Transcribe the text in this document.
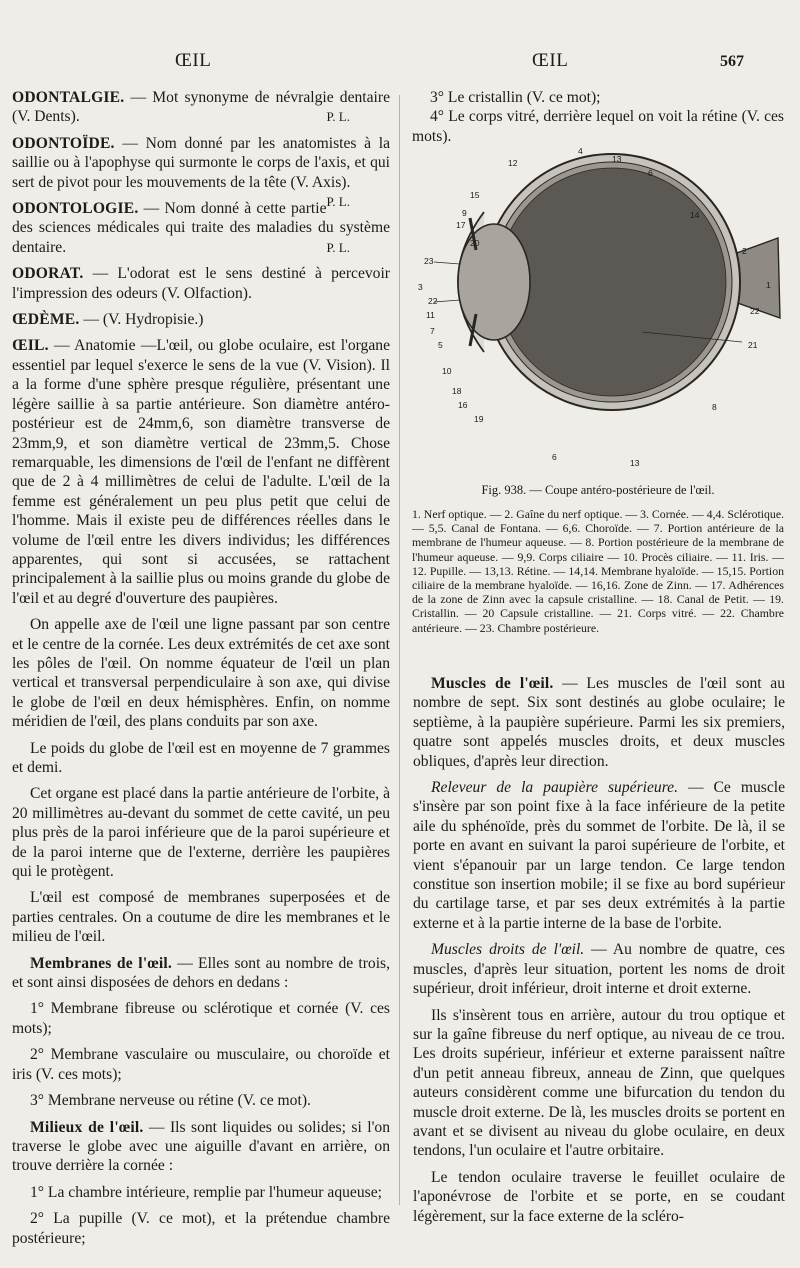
ŒIL	ŒIL	567

ODONTALGIE. — Mot synonyme de névralgie dentaire (V. Dents).	P. L.

ODONTOÏDE. — Nom donné par les anatomistes à la saillie ou à l'apophyse qui surmonte le corps de l'axis, et qui sert de pivot pour les mouvements de la tête (V. Axis).
P. L.

ODONTOLOGIE. — Nom donné à cette partie des sciences médicales qui traite des maladies du système dentaire.	P. L.

ODORAT. — L'odorat est le sens destiné à percevoir l'impression des odeurs (V. Olfaction).

ŒDÈME. — (V. Hydropisie.)

ŒIL. — Anatomie —L'œil, ou globe oculaire, est l'organe essentiel par lequel s'exerce le sens de la vue (V. Vision). Il a la forme d'une sphère presque régulière, présentant une légère saillie à sa partie antérieure. Son diamètre antéro-postérieur est de 24mm,6, son diamètre transverse de 23mm,9, et son diamètre vertical de 23mm,5. Chose remarquable, les dimensions de l'œil de l'enfant ne diffèrent que de 2 à 4 millimètres de celui de l'adulte. L'œil de la femme est généralement un peu plus petit que celui de l'homme. Mais il existe peu de différences réelles dans le volume de l'œil entre les divers individus; les différences apparentes, qui sont si accusées, se rattachent principalement à la saillie plus ou moins grande du globe de l'œil et au degré d'ouverture des paupières.

On appelle axe de l'œil une ligne passant par son centre et le centre de la cornée. Les deux extrémités de cet axe sont les pôles de l'œil. On nomme équateur de l'œil un plan vertical et transversal perpendiculaire à son axe, qui divise le globe de l'œil en deux hémisphères. Enfin, on nomme méridien de l'œil, des plans conduits par son axe.

Le poids du globe de l'œil est en moyenne de 7 grammes et demi.

Cet organe est placé dans la partie antérieure de l'orbite, à 20 millimètres au-devant du sommet de cette cavité, un peu plus près de la paroi inférieure que de la paroi supérieure et de la paroi interne que de l'externe, derrière les paupières qui le protègent.

L'œil est composé de membranes superposées et de parties centrales. On a coutume de dire les membranes et le milieu de l'œil.

Membranes de l'œil. — Elles sont au nombre de trois, et sont ainsi disposées de dehors en dedans :

1° Membrane fibreuse ou sclérotique et cornée (V. ces mots);

2° Membrane vasculaire ou musculaire, ou choroïde et iris (V. ces mots);

3° Membrane nerveuse ou rétine (V. ce mot).

Milieux de l'œil. — Ils sont liquides ou solides; si l'on traverse le globe avec une aiguille d'avant en arrière, on trouve derrière la cornée :

1° La chambre intérieure, remplie par l'humeur aqueuse;

2° La pupille (V. ce mot), et la prétendue chambre postérieure;

3° Le cristallin (V. ce mot);

4° Le corps vitré, derrière lequel on voit la rétine (V. ces mots).

4
13
12
6
15
9
17
14
2
23
3
22
11	22
1
21
7
10
18
16
19
6
13
8
5
20
Fig. 938. — Coupe antéro-postérieure de l'œil.

1. Nerf optique. — 2. Gaîne du nerf optique. — 3. Cornée. — 4,4. Sclérotique. — 5,5. Canal de Fontana. — 6,6. Choroïde. — 7. Portion antérieure de la membrane de l'humeur aqueuse. — 8. Portion postérieure de la membrane de l'humeur aqueuse. — 9,9. Corps ciliaire — 10. Procès ciliaire. — 11. Iris. — 12. Pupille. — 13,13. Rétine. — 14,14. Membrane hyaloïde. — 15,15. Portion ciliaire de la membrane hyaloïde. — 16,16. Zone de Zinn. — 17. Adhérences de la zone de Zinn avec la capsule cristalline. — 18. Canal de Petit. — 19. Cristallin. — 20 Capsule cristalline. — 21. Corps vitré. — 22. Chambre antérieure. — 23. Chambre postérieure.

Muscles de l'œil. — Les muscles de l'œil sont au nombre de sept. Six sont destinés au globe oculaire; le septième, à la paupière supérieure. Parmi les six premiers, quatre sont appelés muscles droits, et deux muscles obliques, d'après leur direction.

Releveur de la paupière supérieure. — Ce muscle s'insère par son point fixe à la face inférieure de la petite aile du sphénoïde, près du sommet de l'orbite. De là, il se porte en avant en suivant la paroi supérieure de l'orbite, et vient s'épanouir par un large tendon. Ce large tendon constitue son insertion mobile; il se fixe au bord supérieur du cartilage tarse, et par ses deux extrémités à la partie externe et à la partie interne de la base de l'orbite.

Muscles droits de l'œil. — Au nombre de quatre, ces muscles, d'après leur situation, portent les noms de droit supérieur, droit inférieur, droit interne et droit externe.

Ils s'insèrent tous en arrière, autour du trou optique et sur la gaîne fibreuse du nerf optique, au niveau de ce trou. Les droits supérieur, inférieur et externe paraissent naître d'un petit anneau fibreux, anneau de Zinn, que quelques auteurs considèrent comme une bifurcation du tendon du muscle droit externe. De là, les muscles droits se portent en avant et se divisent au niveau du globe oculaire, en deux tendons, l'un oculaire et l'autre orbitaire.

Le tendon oculaire traverse le feuillet oculaire de l'aponévrose de l'orbite et se porte, en se coudant légèrement, sur la face externe de la scléro-
